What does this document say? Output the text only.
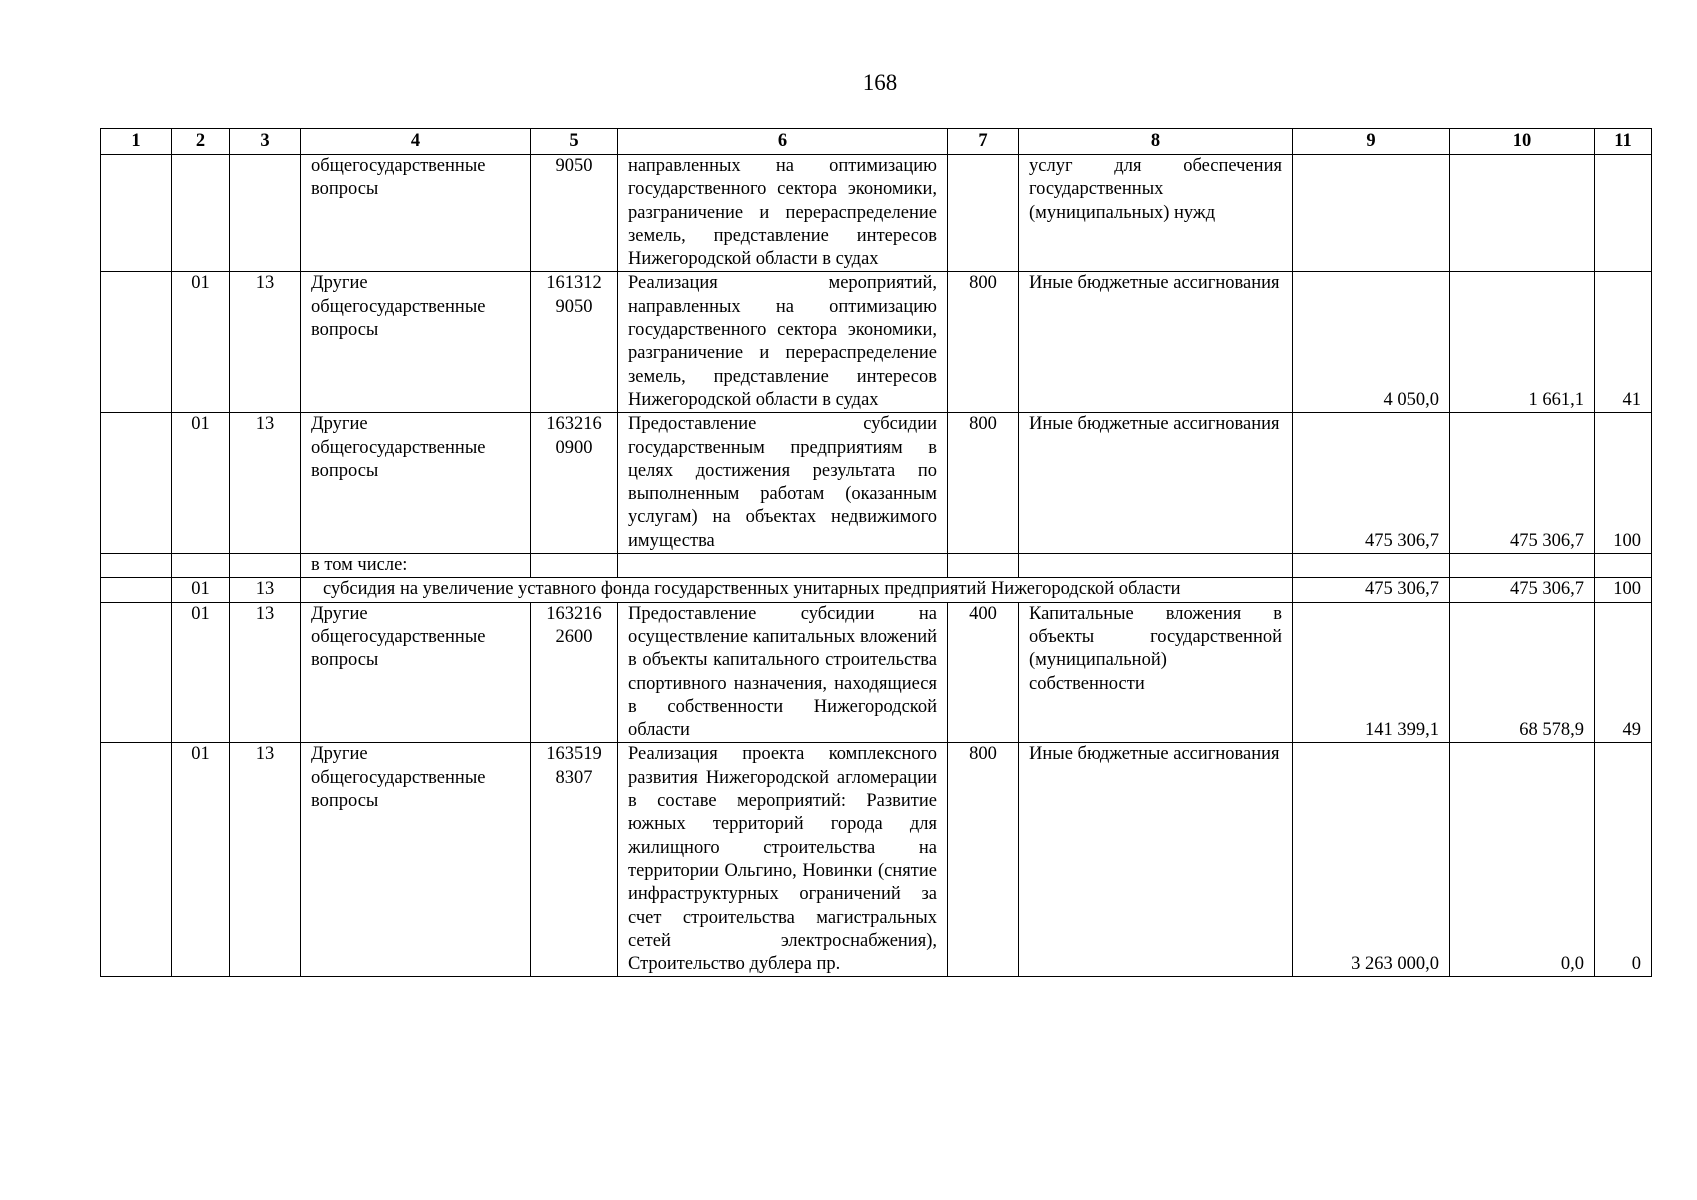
168
1	2	3	4	5	6	7	8	9	10	11
			общегосударственные вопросы	9050	направленных на оптимизацию государственного сектора экономики, разграничение и перераспределение земель, представление интересов Нижегородской области в судах		услуг для обеспечения государственных (муниципальных) нужд			
	01	13	Другие общегосударственные вопросы	161312 9050	Реализация мероприятий, направленных на оптимизацию государственного сектора экономики, разграничение и перераспределение земель, представление интересов Нижегородской области в судах	800	Иные бюджетные ассигнования	4 050,0	1 661,1	41
	01	13	Другие общегосударственные вопросы	163216 0900	Предоставление субсидии государственным предприятиям в целях достижения результата по выполненным работам (оказанным услугам) на объектах недвижимого имущества	800	Иные бюджетные ассигнования	475 306,7	475 306,7	100
			в том числе:							
	01	13	субсидия на увеличение уставного фонда государственных унитарных предприятий Нижегородской области					475 306,7	475 306,7	100
	01	13	Другие общегосударственные вопросы	163216 2600	Предоставление субсидии на осуществление капитальных вложений в объекты капитального строительства спортивного назначения, находящиеся в собственности Нижегородской области	400	Капитальные вложения в объекты государственной (муниципальной) собственности	141 399,1	68 578,9	49
	01	13	Другие общегосударственные вопросы	163519 8307	Реализация проекта комплексного развития Нижегородской агломерации в составе мероприятий: Развитие южных территорий города для жилищного строительства на территории Ольгино, Новинки (снятие инфраструктурных ограничений за счет строительства магистральных сетей электроснабжения), Строительство дублера пр.	800	Иные бюджетные ассигнования	3 263 000,0	0,0	0
